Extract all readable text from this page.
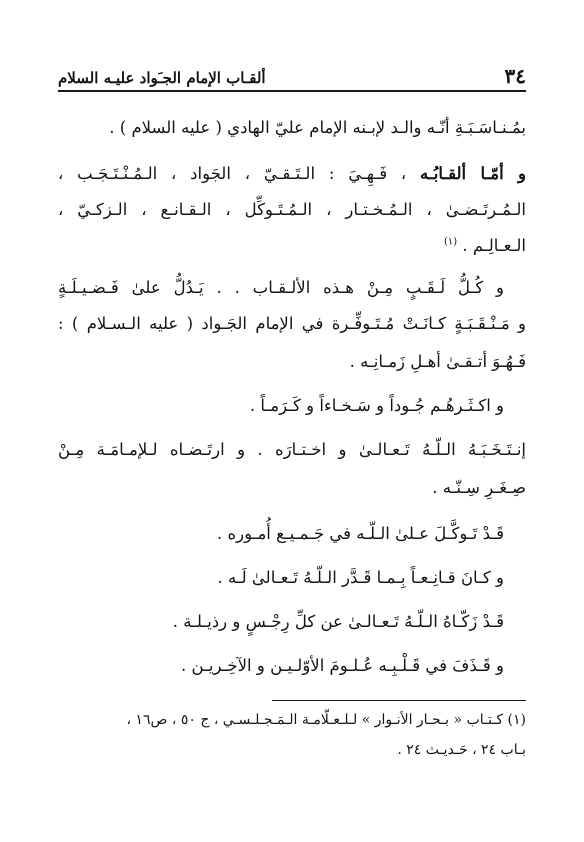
٣٤
ألقـاب الإمام الجـَواد عليـه السلام
بمُـنـاسَـبَـةِ أنّـه والـد لإبـنه الإمام عليّ الهادي ( عليه السلام ) .
و أمّـا ألقـابُـه ، فَـهِـيَ : الـتَـقـيّ ، الجَواد ، الـمُـنْـتَـجَـب ،
الـمُـرتَـضـىٰ ، الـمُـخـتـار ، الـمُـتَـوكِّل ، الـقـانـع ، الـزكـيّ ،
الـعـالِـم . $^{(١)}$
و كُـلُّ لَـقَـبٍ مِـنْ هـذه الألـقـاب . . يَـدُلُّ علىٰ فَـضـيـلَـةٍ
و مَـنْـقَـبَـةٍ كـانَـتْ مُـتَـوفِّـرة في الإمام الجَـواد ( عليه الـسـلام ) :
فَـهُـوَ أتـقـىٰ أهـلِ زَمـانِـه .
و اكـثَـرهُـم جُـوداً و سَـخـاءاً و كَـرَمـاً .
إنـتَـخَـبَـهُ الـلّـهُ تَـعـالـىٰ و اخـتـارَه . و ارتَـضـاه لـلإمـامَـة مِـنْ
صِـغَـرِ سِـنّـه .
قَـدْ تَـوكَّـلَ عـلىٰ الـلّـه في جَـمـيـع أُمـوره .
و كـانَ قـانِـعـاً بِـمـا قَـدَّر الـلّـهُ تَـعـالىٰ لَـه .
قَـدْ زَكّـاهُ الـلّـهُ تَـعـالـىٰ عن كلِّ رِجْـسٍ و رذيـلـة .
و قَـذَفَ في قَـلْـبِـه عُـلـومَ الأوّلـيـن و الآخِـريـن .
(١) كـتـاب « بـحـار الأنـوار » لـلـعـلّامـة الـمَـجـلـسـي ، ج ٥٠ ، ص١٦ ،
بـاب ٢٤ ، حَـديـث ٢٤ .
